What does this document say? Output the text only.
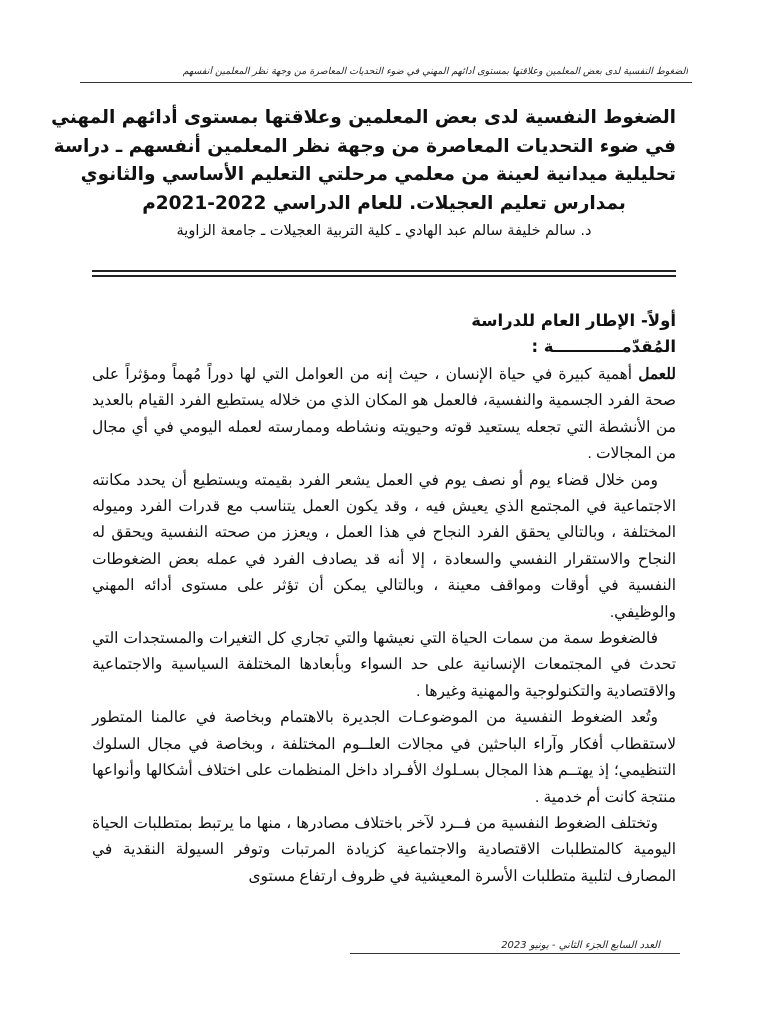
الضغوط النفسية لدى بعض المعلمين وعلاقتها بمستوى أدائهم المهني في ضوء التحديات المعاصرة من وجهة نظر المعلمين أنفسهم
الضغوط النفسية لدى بعض المعلمين وعلاقتها بمستوى أدائهم المهني
في ضوء التحديات المعاصرة من وجهة نظر المعلمين أنفسهم ـ دراسة
تحليلية ميدانية لعينة من معلمي مرحلتي التعليم الأساسي والثانوي
بمدارس تعليم العجيلات. للعام الدراسي 2022-2021م
د. سالم خليفة سالم عبد الهادي ـ كلية التربية العجيلات ـ جامعة الزاوية
أولاً- الإطار العام للدراسة
المُقدّمــــــــــــة :

للعمل أهمية كبيرة في حياة الإنسان ، حيث إنه من العوامل التي لها دوراً مُهماً ومؤثراً على صحة الفرد الجسمية والنفسية، فالعمل هو المكان الذي من خلاله يستطيع الفرد القيام بالعديد من الأنشطة التي تجعله يستعيد قوته وحيويته ونشاطه وممارسته لعمله اليومي في أي مجال من المجالات .

ومن خلال قضاء يوم أو نصف يوم في العمل يشعر الفرد بقيمته ويستطيع أن يحدد مكانته الاجتماعية في المجتمع الذي يعيش فيه ، وقد يكون العمل يتناسب مع قدرات الفرد وميوله المختلفة ، وبالتالي يحقق الفرد النجاح في هذا العمل ، ويعزز من صحته النفسية ويحقق له النجاح والاستقرار النفسي والسعادة ، إلا أنه قد يصادف الفرد في عمله بعض الضغوطات النفسية في أوقات ومواقف معينة ، وبالتالي يمكن أن تؤثر على مستوى أدائه المهني والوظيفي.

فالضغوط سمة من سمات الحياة التي نعيشها والتي تجاري كل التغيرات والمستجدات التي تحدث في المجتمعات الإنسانية على حد السواء وبأبعادها المختلفة السياسية والاجتماعية والاقتصادية والتكنولوجية والمهنية وغيرها .

وتُعد الضغوط النفسية من الموضوعـات الجديرة بالاهتمام وبخاصة في عالمنا المتطور لاستقطاب أفكار وآراء الباحثين في مجالات العلــوم المختلفة ، وبخاصة في مجال السلوك التنظيمي؛ إذ يهتــم هذا المجال بسـلوك الأفـراد داخل المنظمات على اختلاف أشكالها وأنواعها منتجة كانت أم خدمية .

وتختلف الضغوط النفسية من فــرد لآخر باختلاف مصادرها ، منها ما يرتبط بمتطلبات الحياة اليومية كالمتطلبات الاقتصادية والاجتماعية كزيادة المرتبات وتوفر السيولة النقدية في المصارف لتلبية متطلبات الأسرة المعيشية في ظروف ارتفاع مستوى

العدد السابع الجزء الثاني - يونيو 2023
